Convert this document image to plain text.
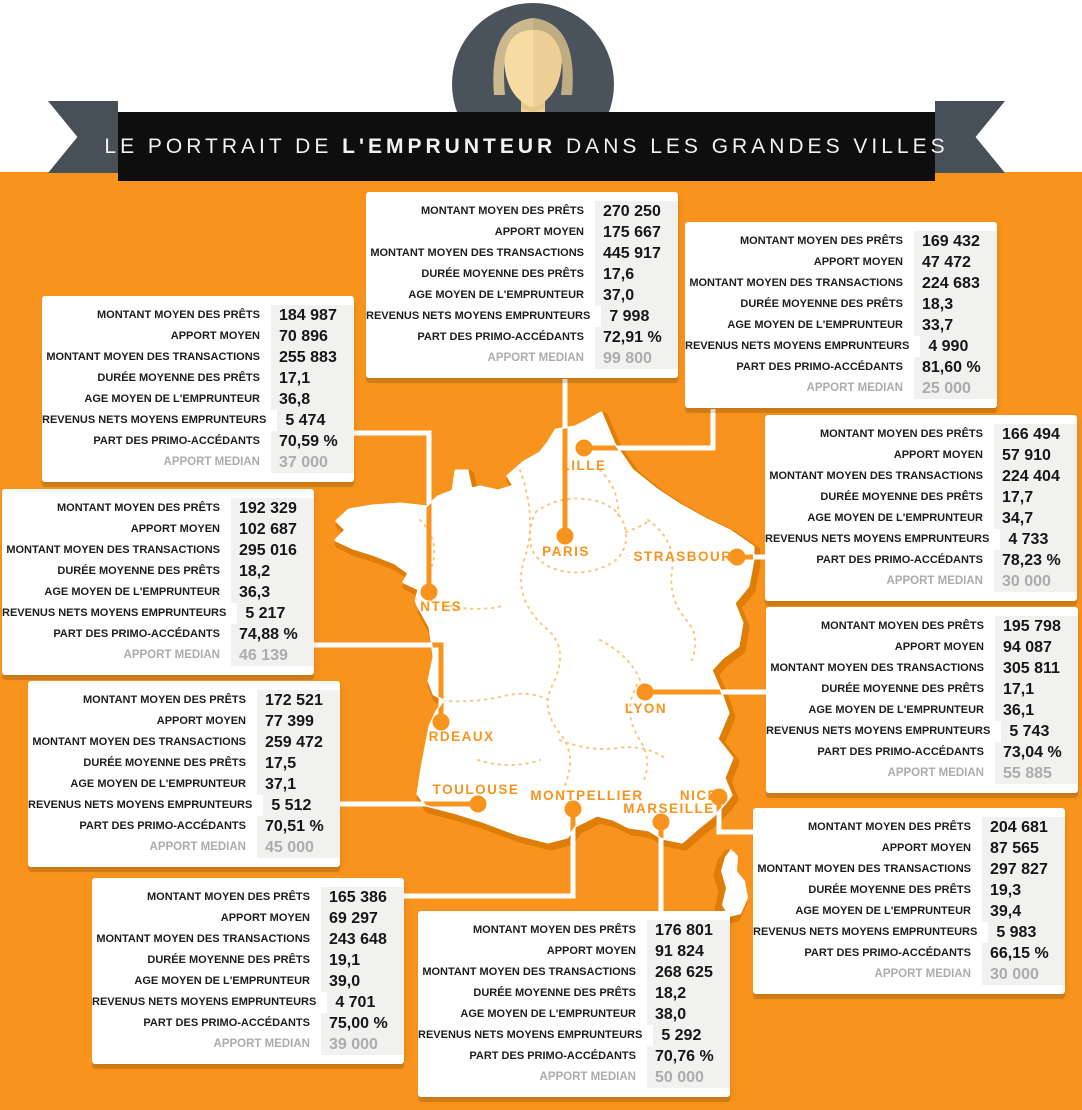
LE PORTRAIT DE L'EMPRUNTEUR DANS LES GRANDES VILLES
PARIS
MONTANT MOYEN DES PRÊTS	270 250
APPORT MOYEN	175 667
MONTANT MOYEN DES TRANSACTIONS	445 917
DURÉE MOYENNE DES PRÊTS	17,6
AGE MOYEN DE L'EMPRUNTEUR	37,0
REVENUS NETS MOYENS EMPRUNTEURS	7 998
PART DES PRIMO-ACCÉDANTS	72,91 %
APPORT MEDIAN	99 800
LILLE
MONTANT MOYEN DES PRÊTS	169 432
APPORT MOYEN	47 472
MONTANT MOYEN DES TRANSACTIONS	224 683
DURÉE MOYENNE DES PRÊTS	18,3
AGE MOYEN DE L'EMPRUNTEUR	33,7
REVENUS NETS MOYENS EMPRUNTEURS	4 990
PART DES PRIMO-ACCÉDANTS	81,60 %
APPORT MEDIAN	25 000
NANTES
MONTANT MOYEN DES PRÊTS	184 987
APPORT MOYEN	70 896
MONTANT MOYEN DES TRANSACTIONS	255 883
DURÉE MOYENNE DES PRÊTS	17,1
AGE MOYEN DE L'EMPRUNTEUR	36,8
REVENUS NETS MOYENS EMPRUNTEURS	5 474
PART DES PRIMO-ACCÉDANTS	70,59 %
APPORT MEDIAN	37 000
STRASBOURG
MONTANT MOYEN DES PRÊTS	166 494
APPORT MOYEN	57 910
MONTANT MOYEN DES TRANSACTIONS	224 404
DURÉE MOYENNE DES PRÊTS	17,7
AGE MOYEN DE L'EMPRUNTEUR	34,7
REVENUS NETS MOYENS EMPRUNTEURS	4 733
PART DES PRIMO-ACCÉDANTS	78,23 %
APPORT MEDIAN	30 000
BORDEAUX
MONTANT MOYEN DES PRÊTS	192 329
APPORT MOYEN	102 687
MONTANT MOYEN DES TRANSACTIONS	295 016
DURÉE MOYENNE DES PRÊTS	18,2
AGE MOYEN DE L'EMPRUNTEUR	36,3
REVENUS NETS MOYENS EMPRUNTEURS	5 217
PART DES PRIMO-ACCÉDANTS	74,88 %
APPORT MEDIAN	46 139
LYON
MONTANT MOYEN DES PRÊTS	195 798
APPORT MOYEN	94 087
MONTANT MOYEN DES TRANSACTIONS	305 811
DURÉE MOYENNE DES PRÊTS	17,1
AGE MOYEN DE L'EMPRUNTEUR	36,1
REVENUS NETS MOYENS EMPRUNTEURS	5 743
PART DES PRIMO-ACCÉDANTS	73,04 %
APPORT MEDIAN	55 885
TOULOUSE
MONTANT MOYEN DES PRÊTS	172 521
APPORT MOYEN	77 399
MONTANT MOYEN DES TRANSACTIONS	259 472
DURÉE MOYENNE DES PRÊTS	17,5
AGE MOYEN DE L'EMPRUNTEUR	37,1
REVENUS NETS MOYENS EMPRUNTEURS	5 512
PART DES PRIMO-ACCÉDANTS	70,51 %
APPORT MEDIAN	45 000
MONTPELLIER
MONTANT MOYEN DES PRÊTS	165 386
APPORT MOYEN	69 297
MONTANT MOYEN DES TRANSACTIONS	243 648
DURÉE MOYENNE DES PRÊTS	19,1
AGE MOYEN DE L'EMPRUNTEUR	39,0
REVENUS NETS MOYENS EMPRUNTEURS	4 701
PART DES PRIMO-ACCÉDANTS	75,00 %
APPORT MEDIAN	39 000
MARSEILLE
MONTANT MOYEN DES PRÊTS	176 801
APPORT MOYEN	91 824
MONTANT MOYEN DES TRANSACTIONS	268 625
DURÉE MOYENNE DES PRÊTS	18,2
AGE MOYEN DE L'EMPRUNTEUR	38,0
REVENUS NETS MOYENS EMPRUNTEURS	5 292
PART DES PRIMO-ACCÉDANTS	70,76 %
APPORT MEDIAN	50 000
NICE
MONTANT MOYEN DES PRÊTS	204 681
APPORT MOYEN	87 565
MONTANT MOYEN DES TRANSACTIONS	297 827
DURÉE MOYENNE DES PRÊTS	19,3
AGE MOYEN DE L'EMPRUNTEUR	39,4
REVENUS NETS MOYENS EMPRUNTEURS	5 983
PART DES PRIMO-ACCÉDANTS	66,15 %
APPORT MEDIAN	30 000
